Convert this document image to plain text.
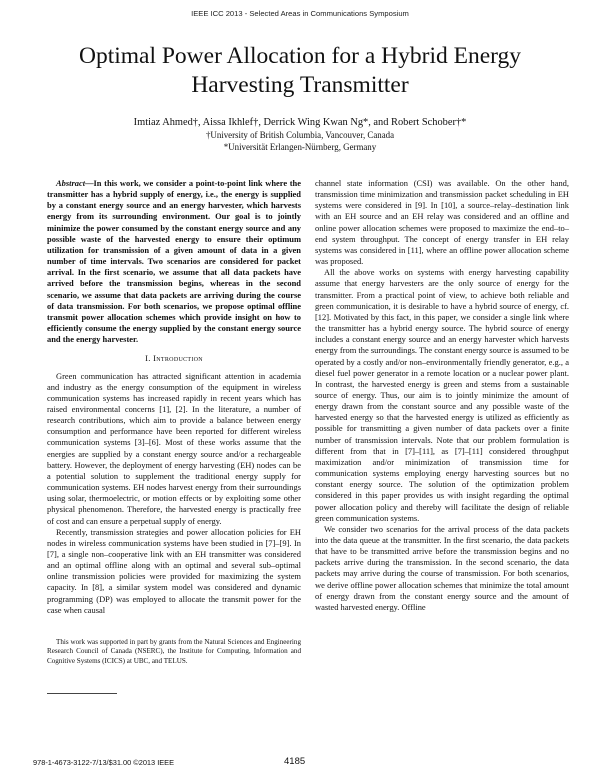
IEEE ICC 2013 - Selected Areas in Communications Symposium
Optimal Power Allocation for a Hybrid Energy Harvesting Transmitter
Imtiaz Ahmed†, Aissa Ikhlef†, Derrick Wing Kwan Ng*, and Robert Schober†*
†University of British Columbia, Vancouver, Canada
*Universität Erlangen-Nürnberg, Germany

Abstract—In this work, we consider a point-to-point link where the transmitter has a hybrid supply of energy, i.e., the energy is supplied by a constant energy source and an energy harvester, which harvests energy from its surrounding environment. Our goal is to jointly minimize the power consumed by the constant energy source and any possible waste of the harvested energy to ensure their optimum utilization for transmission of a given amount of data in a given number of time intervals. Two scenarios are considered for packet arrival. In the first scenario, we assume that all data packets have arrived before the transmission begins, whereas in the second scenario, we assume that data packets are arriving during the course of data transmission. For both scenarios, we propose optimal offline transmit power allocation schemes which provide insight on how to efficiently consume the energy supplied by the constant energy source and the energy harvester.

I. Introduction

Green communication has attracted significant attention in academia and industry as the energy consumption of the equipment in wireless communication systems has increased rapidly in recent years which has raised environmental concerns [1], [2]. In the literature, a number of research contributions, which aim to provide a balance between energy consumption and performance have been reported for different wireless communication systems [3]–[6]. Most of these works assume that the energies are supplied by a constant energy source and/or a rechargeable battery. However, the deployment of energy harvesting (EH) nodes can be a potential solution to supplement the traditional energy supply for communication systems. EH nodes harvest energy from their surroundings using solar, thermoelectric, or motion effects or by exploiting some other physical phenomenon. Therefore, the harvested energy is practically free of cost and can ensure a perpetual supply of energy.

Recently, transmission strategies and power allocation policies for EH nodes in wireless communication systems have been studied in [7]–[9]. In [7], a single non–cooperative link with an EH transmitter was considered and an optimal offline along with an optimal and several sub–optimal online transmission policies were provided for maximizing the system capacity. In [8], a similar system model was considered and dynamic programming (DP) was employed to allocate the transmit power for the case when causal

This work was supported in part by grants from the Natural Sciences and Engineering Research Council of Canada (NSERC), the Institute for Computing, Information and Cognitive Systems (ICICS) at UBC, and TELUS.

channel state information (CSI) was available. On the other hand, transmission time minimization and transmission packet scheduling in EH systems were considered in [9]. In [10], a source–relay–destination link with an EH source and an EH relay was considered and an offline and online power allocation schemes were proposed to maximize the end–to–end system throughput. The concept of energy transfer in EH relay systems was considered in [11], where an offline power allocation scheme was proposed.

All the above works on systems with energy harvesting capability assume that energy harvesters are the only source of energy for the transmitter. From a practical point of view, to achieve both reliable and green communication, it is desirable to have a hybrid source of energy, cf. [12]. Motivated by this fact, in this paper, we consider a single link where the transmitter has a hybrid energy source. The hybrid source of energy includes a constant energy source and an energy harvester which harvests energy from the surroundings. The constant energy source is assumed to be operated by a costly and/or non–environmentally friendly generator, e.g., a diesel fuel power generator in a remote location or a nuclear power plant. In contrast, the harvested energy is green and stems from a sustainable source of energy. Thus, our aim is to jointly minimize the amount of energy drawn from the constant source and any possible waste of the harvested energy so that the harvested energy is utilized as efficiently as possible for transmitting a given number of data packets over a finite number of transmission intervals. Note that our problem formulation is different from that in [7]–[11], as [7]–[11] considered throughput maximization and/or minimization of transmission time for communication systems employing energy harvesting sources but no constant energy source. The solution of the optimization problem considered in this paper provides us with insight regarding the optimal power allocation policy and thereby will facilitate the design of reliable green communication systems.

We consider two scenarios for the arrival process of the data packets into the data queue at the transmitter. In the first scenario, the data packets that have to be transmitted arrive before the transmission begins and no packets arrive during the transmission. In the second scenario, the data packets may arrive during the course of transmission. For both scenarios, we derive offline power allocation schemes that minimize the total amount of energy drawn from the constant energy source and the amount of wasted harvested energy. Offline

978-1-4673-3122-7/13/$31.00 ©2013 IEEE	4185
